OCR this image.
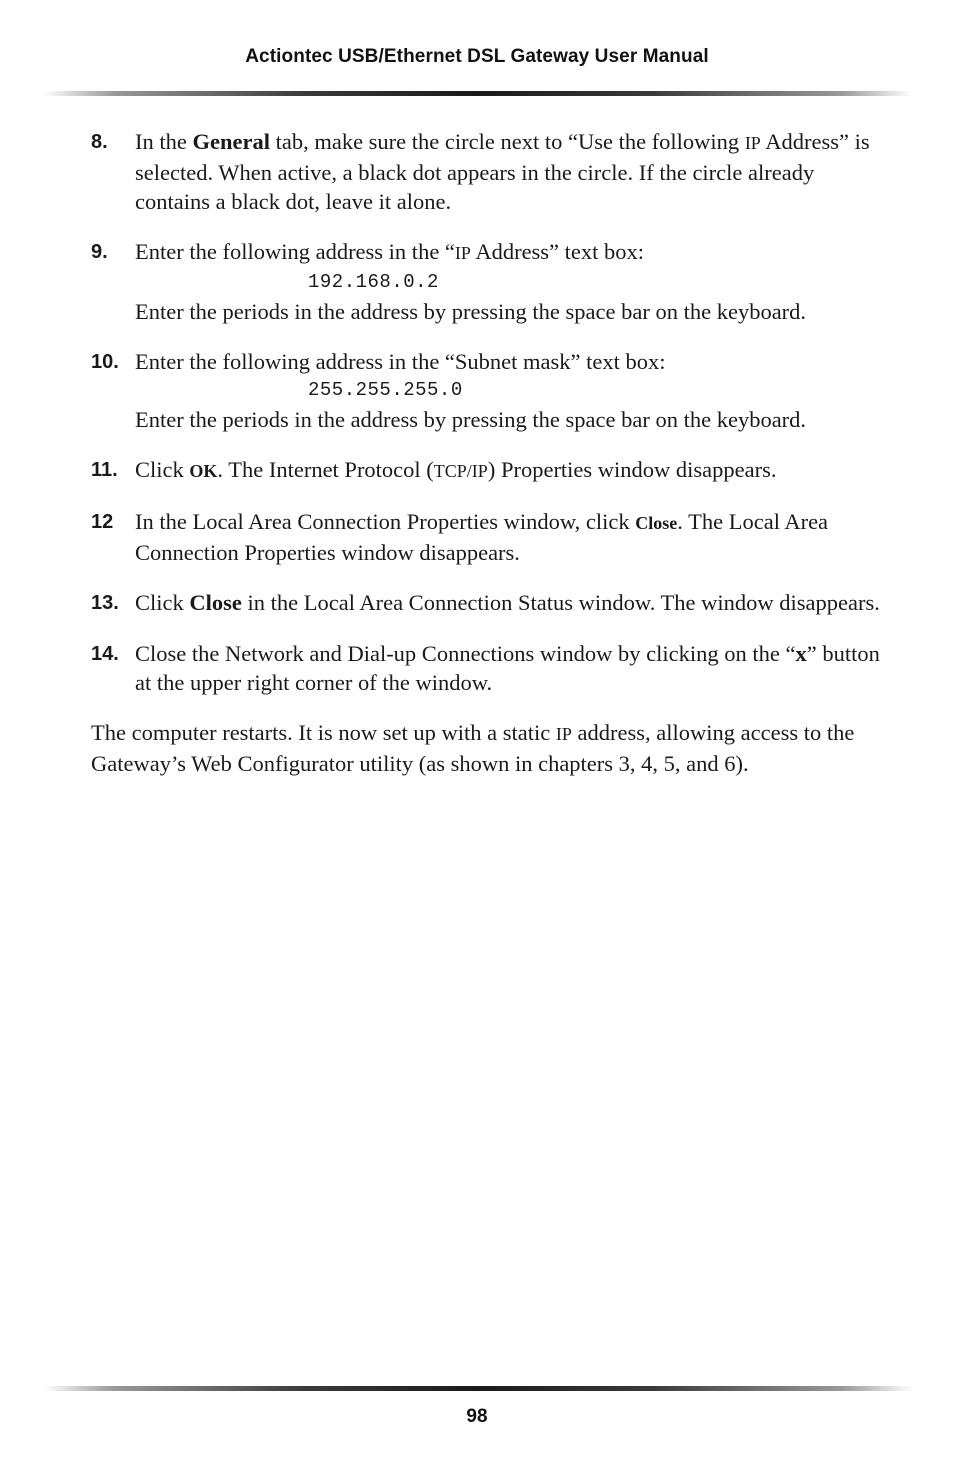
Actiontec USB/Ethernet DSL Gateway User Manual
8.	In the General tab, make sure the circle next to “Use the following IP Address” is selected. When active, a black dot appears in the circle. If the circle already contains a black dot, leave it alone.

9.	Enter the following address in the “IP Address” text box:

192.168.0.2

Enter the periods in the address by pressing the space bar on the keyboard.

10. Enter the following address in the “Subnet mask” text box:

255.255.255.0

Enter the periods in the address by pressing the space bar on the keyboard.

11. Click OK. The Internet Protocol (TCP/IP) Properties window disappears.

12 In the Local Area Connection Properties window, click Close. The Local Area Connection Properties window disappears.

13. Click Close in the Local Area Connection Status window. The window disappears.

14. Close the Network and Dial-up Connections window by clicking on the “x” button at the upper right corner of the window.

The computer restarts. It is now set up with a static IP address, allowing access to the Gateway’s Web Configurator utility (as shown in chapters 3, 4, 5, and 6).

98
